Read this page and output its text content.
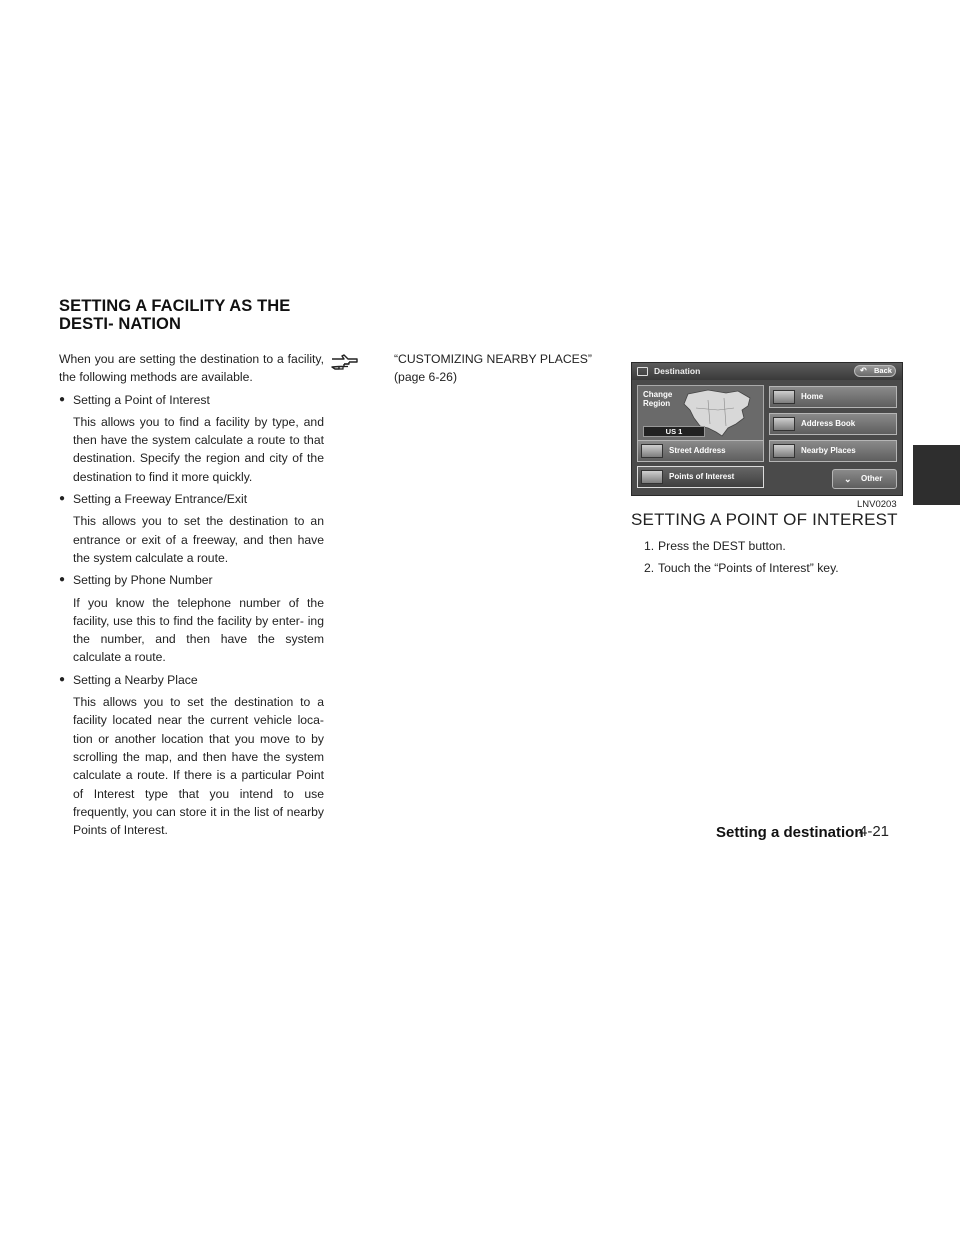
SETTING A FACILITY AS THE DESTI- NATION

When you are setting the destination to a facility, the following methods are available.

● Setting a Point of Interest

This allows you to find a facility by type, and then have the system calculate a route to that destination. Specify the region and city of the destination to find it more quickly.

● Setting a Freeway Entrance/Exit

This allows you to set the destination to an entrance or exit of a freeway, and then have the system calculate a route.

● Setting by Phone Number

If you know the telephone number of the facility, use this to find the facility by enter- ing the number, and then have the system calculate a route.

● Setting a Nearby Place

This allows you to set the destination to a facility located near the current vehicle loca- tion or another location that you move to by scrolling the map, and then have the system calculate a route. If there is a particular Point of Interest type that you intend to use frequently, you can store it in the list of nearby Points of Interest.

“CUSTOMIZING NEARBY PLACES”
(page 6-26)	Destination	↶ Back
Change
Region
US 1
Home
Address Book
Street Address	Nearby Places
Points of Interest	⌄ Other
LNV0203
SETTING A POINT OF INTEREST

1. Press the DEST button.

2. Touch the “Points of Interest” key.

Setting a destination
4-21
